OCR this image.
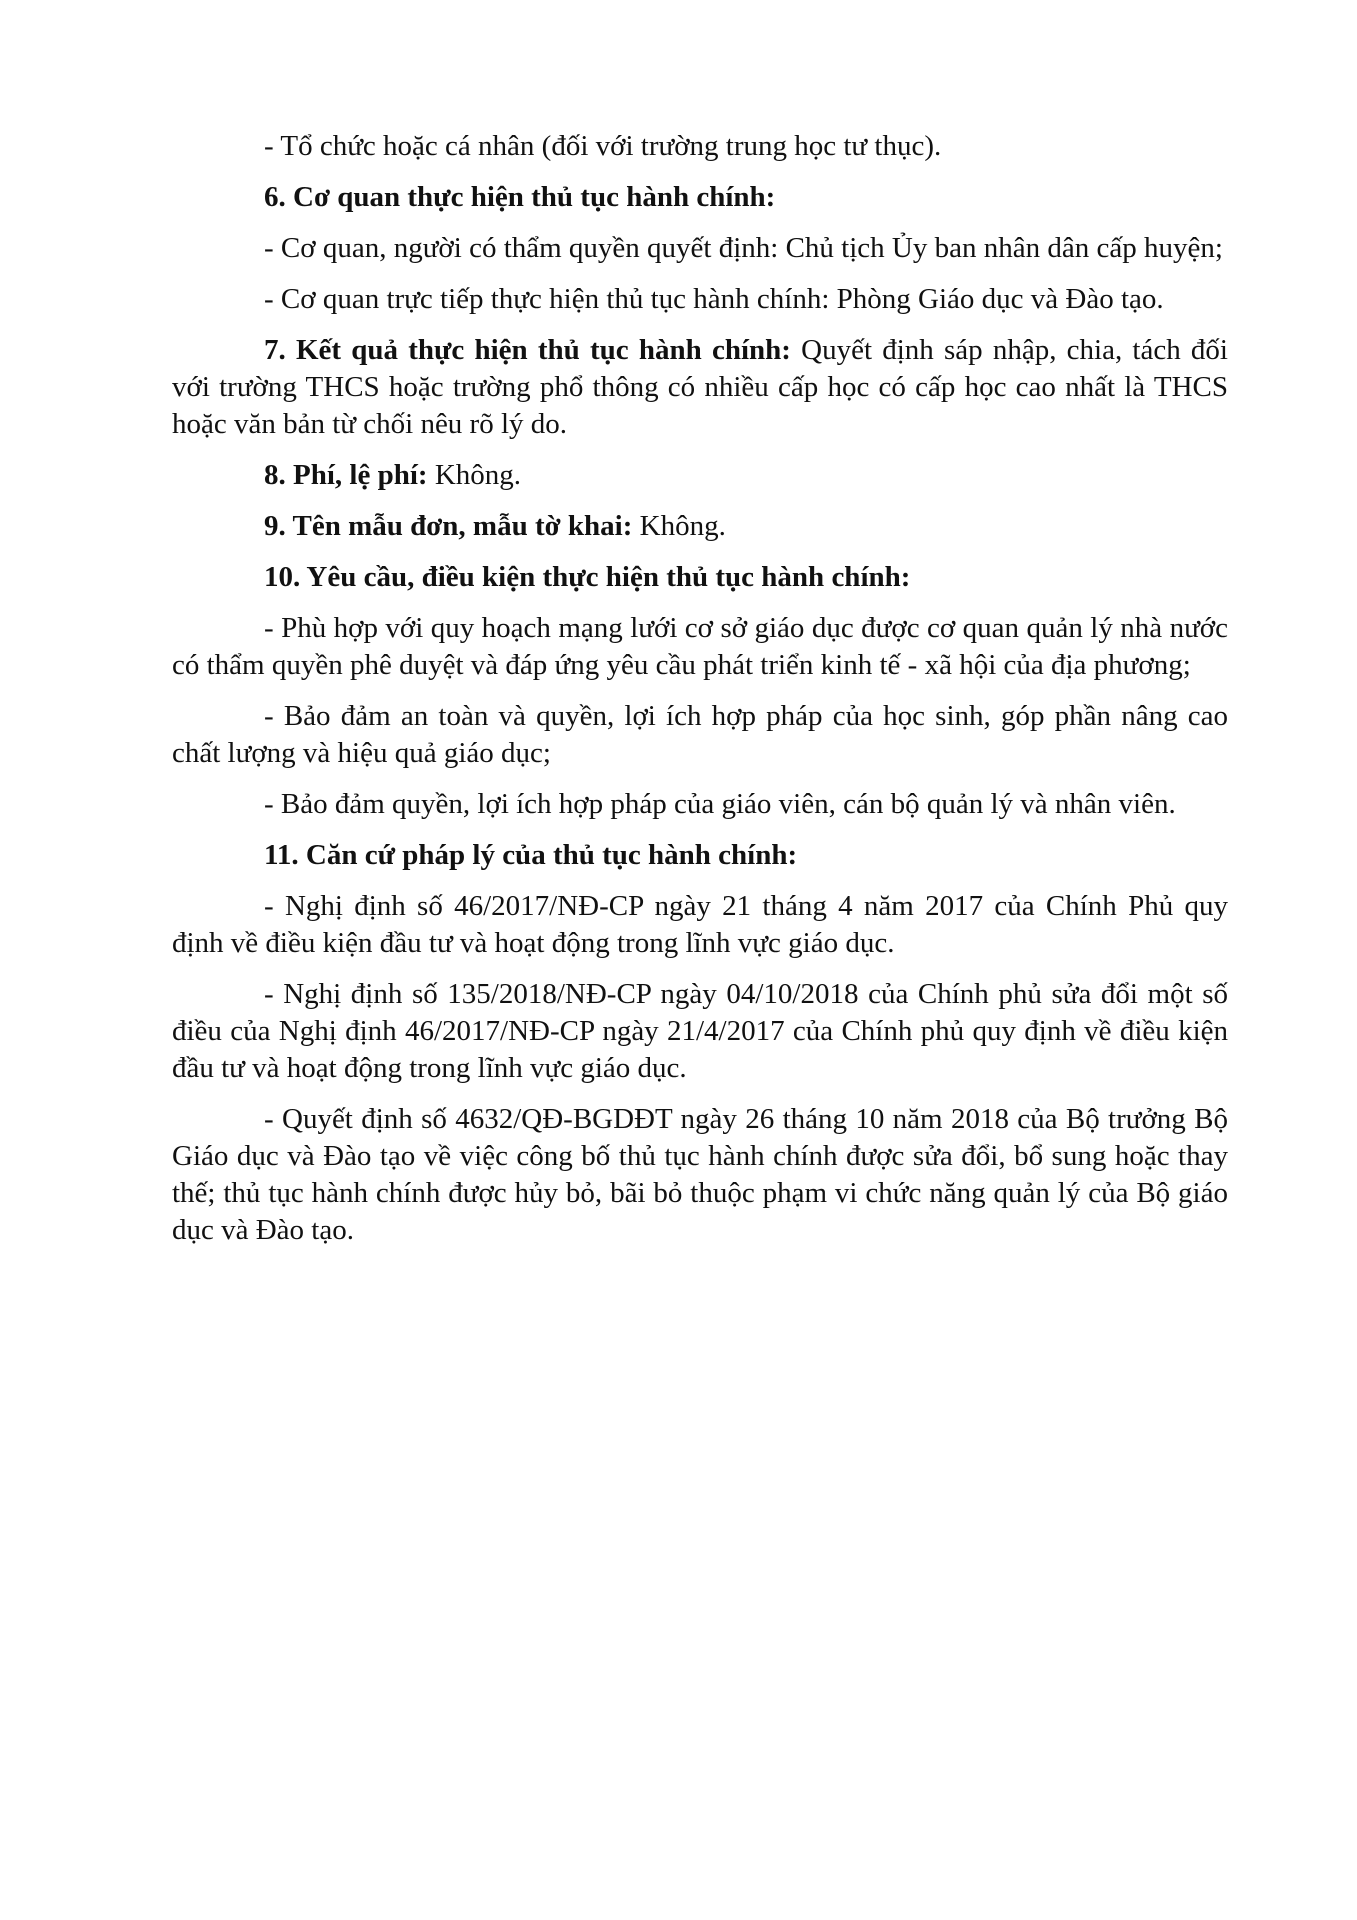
- Tổ chức hoặc cá nhân (đối với trường trung học tư thục).

6. Cơ quan thực hiện thủ tục hành chính:

- Cơ quan, người có thẩm quyền quyết định: Chủ tịch Ủy ban nhân dân cấp huyện;

- Cơ quan trực tiếp thực hiện thủ tục hành chính: Phòng Giáo dục và Đào tạo.

7. Kết quả thực hiện thủ tục hành chính: Quyết định sáp nhập, chia, tách đối với trường THCS hoặc trường phổ thông có nhiều cấp học có cấp học cao nhất là THCS hoặc văn bản từ chối nêu rõ lý do.

8. Phí, lệ phí: Không.

9. Tên mẫu đơn, mẫu tờ khai: Không.

10. Yêu cầu, điều kiện thực hiện thủ tục hành chính:

- Phù hợp với quy hoạch mạng lưới cơ sở giáo dục được cơ quan quản lý nhà nước có thẩm quyền phê duyệt và đáp ứng yêu cầu phát triển kinh tế - xã hội của địa phương;

- Bảo đảm an toàn và quyền, lợi ích hợp pháp của học sinh, góp phần nâng cao chất lượng và hiệu quả giáo dục;

- Bảo đảm quyền, lợi ích hợp pháp của giáo viên, cán bộ quản lý và nhân viên.

11. Căn cứ pháp lý của thủ tục hành chính:

- Nghị định số 46/2017/NĐ-CP ngày 21 tháng 4 năm 2017 của Chính Phủ quy định về điều kiện đầu tư và hoạt động trong lĩnh vực giáo dục.

- Nghị định số 135/2018/NĐ-CP ngày 04/10/2018 của Chính phủ sửa đổi một số điều của Nghị định 46/2017/NĐ-CP ngày 21/4/2017 của Chính phủ quy định về điều kiện đầu tư và hoạt động trong lĩnh vực giáo dục.

- Quyết định số 4632/QĐ-BGDĐT ngày 26 tháng 10 năm 2018 của Bộ trưởng Bộ Giáo dục và Đào tạo về việc công bố thủ tục hành chính được sửa đổi, bổ sung hoặc thay thế; thủ tục hành chính được hủy bỏ, bãi bỏ thuộc phạm vi chức năng quản lý của Bộ giáo dục và Đào tạo.
